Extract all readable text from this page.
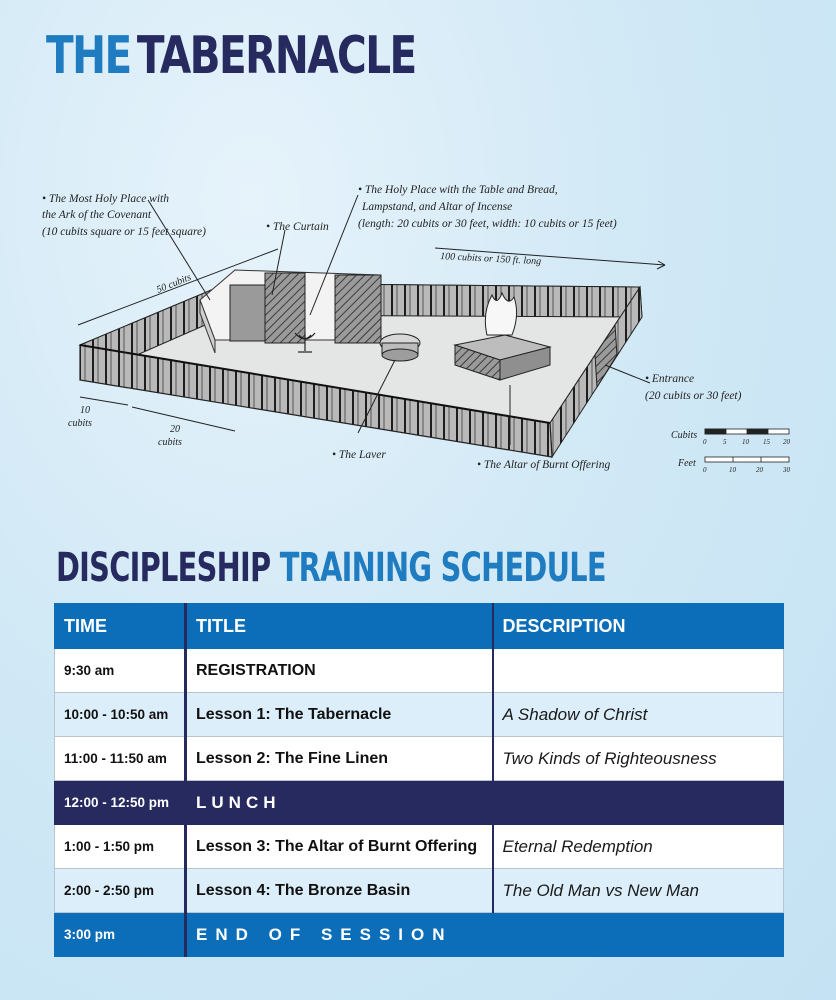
THE TABERNACLE
• The Most Holy Place with
the Ark of the Covenant
(10 cubits square or 15 feet square)	• The Curtain
• The Holy Place with the Table and Bread,
Lampstand, and Altar of Incense
(length: 20 cubits or 30 feet, width: 10 cubits or 15 feet)
100 cubits or 150 ft. long
50 cubits
• Entrance
(20 cubits or 30 feet)
10
cubits
20
cubits
• The Laver
• The Altar of Burnt Offering
Cubits
0 5 10 15 20
Feet
0	10	20	30
DISCIPLESHIP TRAINING SCHEDULE
TIME	TITLE	DESCRIPTION
9:30 am	REGISTRATION	
10:00 - 10:50 am	Lesson 1: The Tabernacle	A Shadow of Christ
11:00 - 11:50 am	Lesson 2: The Fine Linen	Two Kinds of Righteousness
12:00 - 12:50 pm	LUNCH	
1:00 - 1:50 pm	Lesson 3: The Altar of Burnt Offering	Eternal Redemption
2:00 - 2:50 pm	Lesson 4: The Bronze Basin	The Old Man vs New Man
3:00 pm	END OF SESSION	
